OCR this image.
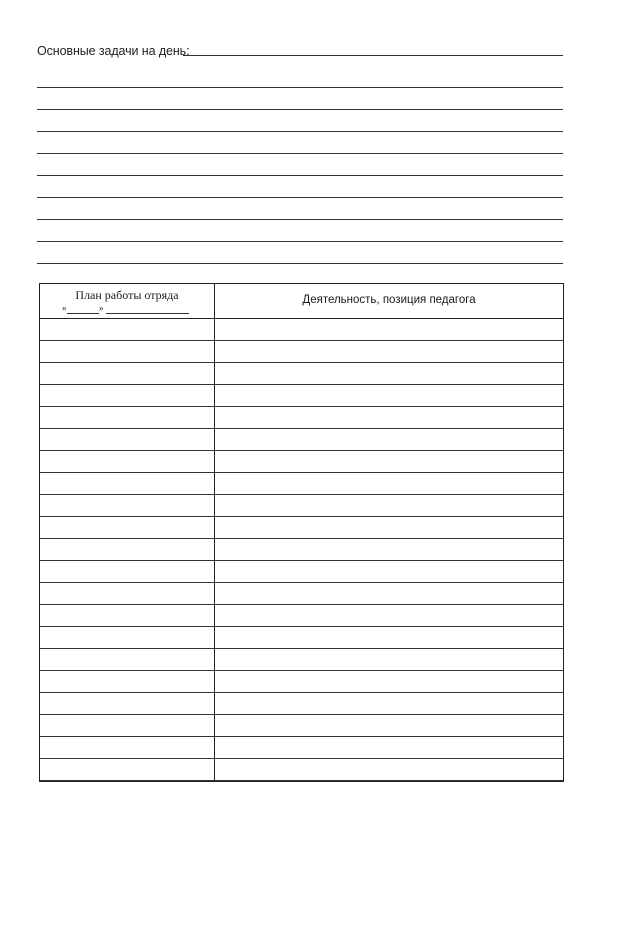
Основные задачи на день:
План работы отряда
«	»
Деятельность, позиция педагога
